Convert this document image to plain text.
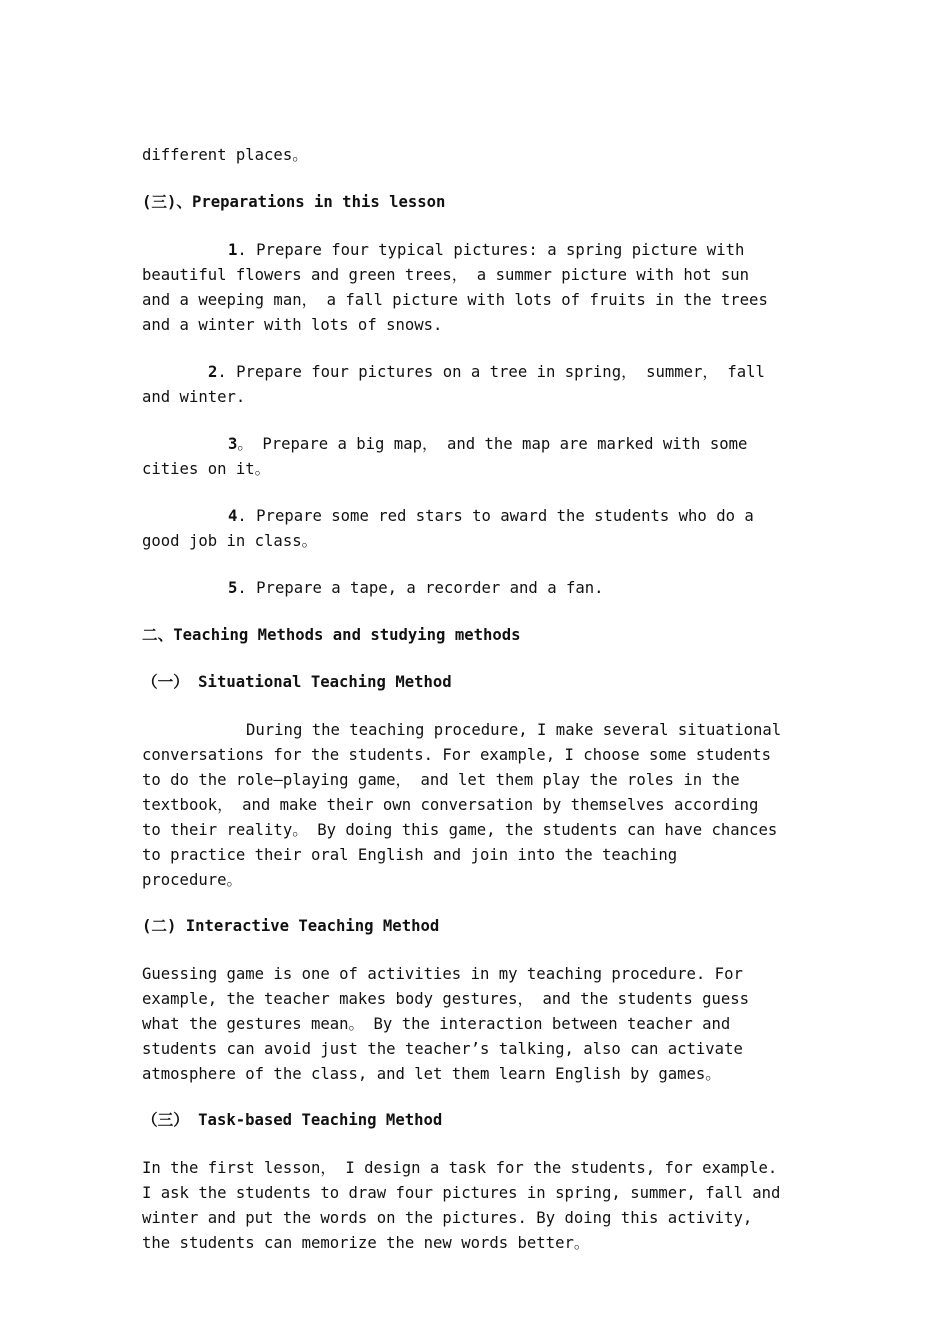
different places。

(三)、Preparations in this lesson

1. Prepare four typical pictures: a spring picture with

beautiful flowers and green trees， a summer picture with hot sun

and a weeping man， a fall picture with lots of fruits in the trees

and a winter with lots of snows.

2. Prepare four pictures on a tree in spring， summer， fall

and winter.

3。 Prepare a big map， and the map are marked with some

cities on it。

4. Prepare some red stars to award the students who do a

good job in class。

5. Prepare a tape, a recorder and a fan.

二、Teaching Methods and studying methods

（一） Situational Teaching Method

During the teaching procedure, I make several situational

conversations for the students. For example, I choose some students

to do the role—playing game， and let them play the roles in the

textbook， and make their own conversation by themselves according

to their reality。 By doing this game, the students can have chances

to practice their oral English and join into the teaching

procedure。

(二) Interactive Teaching Method

Guessing game is one of activities in my teaching procedure. For

example, the teacher makes body gestures， and the students guess

what the gestures mean。 By the interaction between teacher and

students can avoid just the teacher’s talking, also can activate

atmosphere of the class, and let them learn English by games。

（三） Task-based Teaching Method

In the first lesson， I design a task for the students, for example.

I ask the students to draw four pictures in spring, summer, fall and

winter and put the words on the pictures. By doing this activity,

the students can memorize the new words better。
